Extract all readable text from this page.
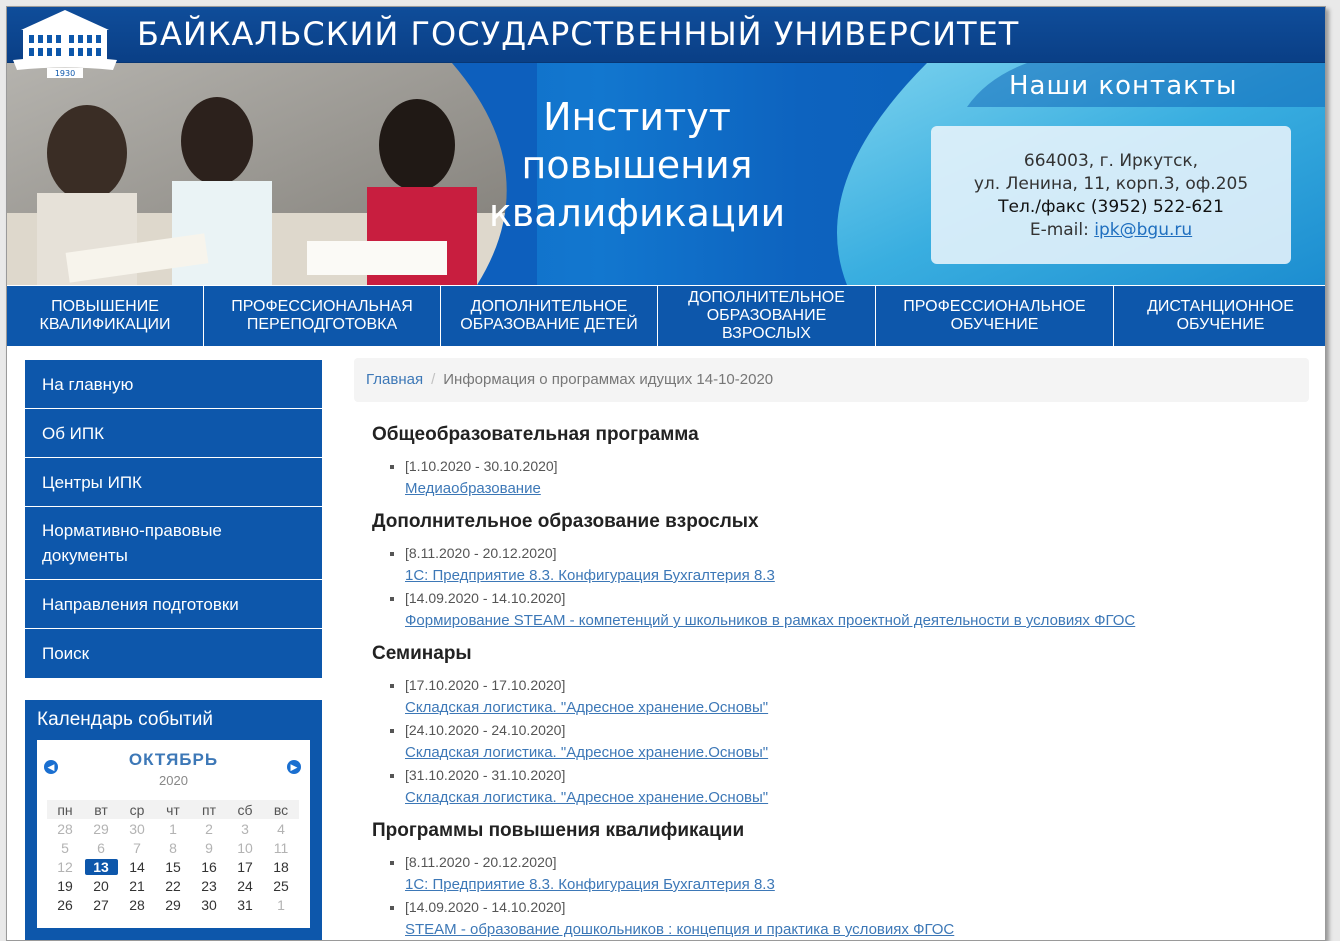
1930
БАЙКАЛЬСКИЙ ГОСУДАРСТВЕННЫЙ УНИВЕРСИТЕТ
Институт
повышения
квалификации
Наши контакты
664003, г. Иркутск,
ул. Ленина, 11, корп.3, оф.205
Тел./факс (3952) 522-621
E-mail: ipk@bgu.ru
ПОВЫШЕНИЕ
КВАЛИФИКАЦИИ
ПРОФЕССИОНАЛЬНАЯ
ПЕРЕПОДГОТОВКА
ДОПОЛНИТЕЛЬНОЕ
ОБРАЗОВАНИЕ ДЕТЕЙ
ДОПОЛНИТЕЛЬНОЕ
ОБРАЗОВАНИЕ ВЗРОСЛЫХ
ПРОФЕССИОНАЛЬНОЕ
ОБУЧЕНИЕ
ДИСТАНЦИОННОЕ
ОБУЧЕНИЕ
На главную
Об ИПК
Центры ИПК
Нормативно-правовые документы
Направления подготовки
Поиск
Календарь событий
◀	ОКТЯБРЬ
2020
▶
пн	вт	ср	чт	пт	сб	вс
28	29	30	1	2	3	4
5	6	7	8	9	10	11
12	13	14	15	16	17	18
19	20	21	22	23	24	25
26	27	28	29	30	31	1
Главная / Информация о программах идущих 14-10-2020
Общеобразовательная программа
▪ [1.10.2020 - 30.10.2020]
Медиаобразование
Дополнительное образование взрослых
▪ [8.11.2020 - 20.12.2020]
1С: Предприятие 8.3. Конфигурация Бухгалтерия 8.3
▪ [14.09.2020 - 14.10.2020]
Формирование STEAM - компетенций у школьников в рамках проектной деятельности в условиях ФГОС
Семинары
▪ [17.10.2020 - 17.10.2020]
Складская логистика. "Адресное хранение.Основы"
▪ [24.10.2020 - 24.10.2020]
Складская логистика. "Адресное хранение.Основы"
▪ [31.10.2020 - 31.10.2020]
Складская логистика. "Адресное хранение.Основы"
Программы повышения квалификации
▪ [8.11.2020 - 20.12.2020]
1С: Предприятие 8.3. Конфигурация Бухгалтерия 8.3
▪ [14.09.2020 - 14.10.2020]
STEAM - образование дошкольников : концепция и практика в условиях ФГОС
